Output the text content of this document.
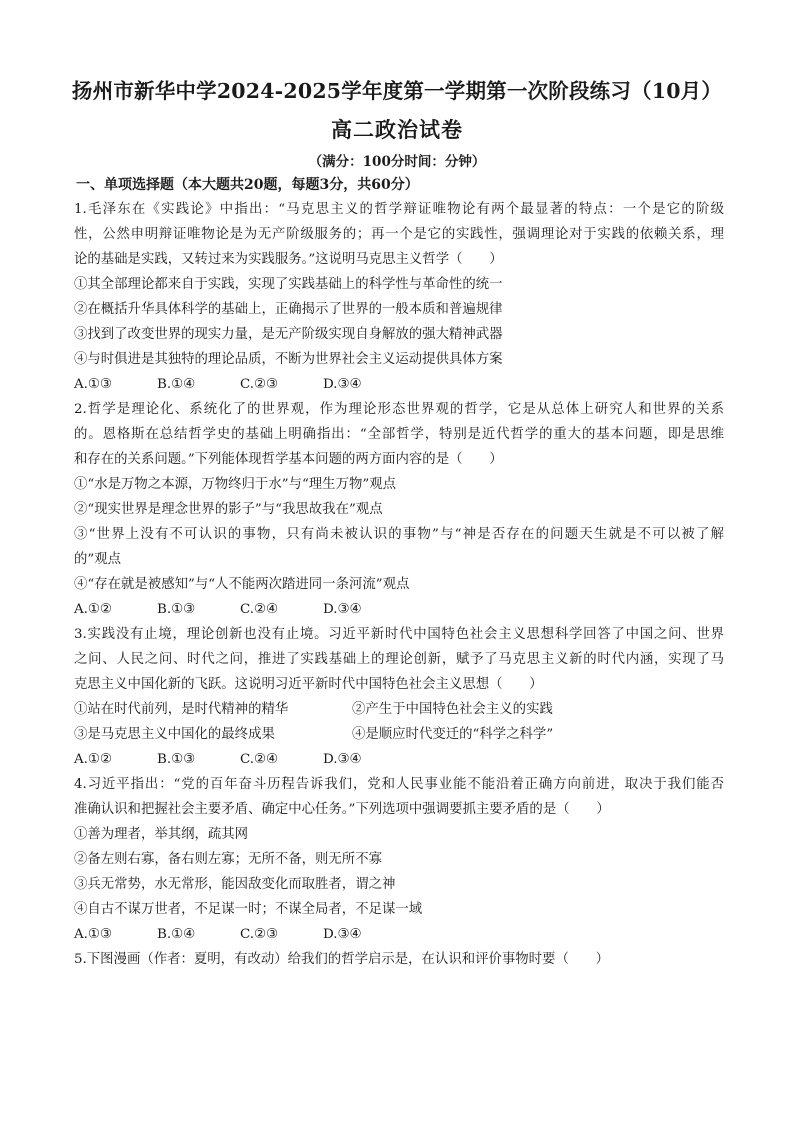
扬州市新华中学2024-2025学年度第一学期第一次阶段练习（10月）
高二政治试卷
（满分：100分时间：分钟）
一、单项选择题（本大题共20题，每题3分，共60分）
1.毛泽东在《实践论》中指出：“马克思主义的哲学辩证唯物论有两个最显著的特点：一个是它的阶级
性，公然申明辩证唯物论是为无产阶级服务的；再一个是它的实践性，强调理论对于实践的依赖关系，理
论的基础是实践，又转过来为实践服务。”这说明马克思主义哲学（　　）
①其全部理论都来自于实践，实现了实践基础上的科学性与革命性的统一
②在概括升华具体科学的基础上，正确揭示了世界的一般本质和普遍规律
③找到了改变世界的现实力量，是无产阶级实现自身解放的强大精神武器
④与时俱进是其独特的理论品质，不断为世界社会主义运动提供具体方案
A.①③	B.①④	C.②③	D.③④
2.哲学是理论化、系统化了的世界观，作为理论形态世界观的哲学，它是从总体上研究人和世界的关系
的。恩格斯在总结哲学史的基础上明确指出：“全部哲学，特别是近代哲学的重大的基本问题，即是思维
和存在的关系问题。”下列能体现哲学基本问题的两方面内容的是（　　）
①“水是万物之本源，万物终归于水”与“理生万物”观点
②“现实世界是理念世界的影子”与“我思故我在”观点
③“世界上没有不可认识的事物，只有尚未被认识的事物”与“神是否存在的问题天生就是不可以被了解
的”观点
④“存在就是被感知”与“人不能两次踏进同一条河流”观点
A.①②	B.①③	C.②④	D.③④
3.实践没有止境，理论创新也没有止境。习近平新时代中国特色社会主义思想科学回答了中国之问、世界
之问、人民之问、时代之问，推进了实践基础上的理论创新，赋予了马克思主义新的时代内涵，实现了马
克思主义中国化新的飞跃。这说明习近平新时代中国特色社会主义思想（　　）
①站在时代前列，是时代精神的精华	②产生于中国特色社会主义的实践
③是马克思主义中国化的最终成果	④是顺应时代变迁的“科学之科学”
A.①②	B.①③	C.②④	D.③④
4.习近平指出：“党的百年奋斗历程告诉我们，党和人民事业能不能沿着正确方向前进，取决于我们能否
准确认识和把握社会主要矛盾、确定中心任务。”下列选项中强调要抓主要矛盾的是（　　）
①善为理者，举其纲，疏其网
②备左则右寡，备右则左寡；无所不备，则无所不寡
③兵无常势，水无常形，能因敌变化而取胜者，谓之神
④自古不谋万世者，不足谋一时；不谋全局者，不足谋一域
A.①③	B.①④	C.②③	D.③④
5.下图漫画（作者：夏明，有改动）给我们的哲学启示是，在认识和评价事物时要（　　）
